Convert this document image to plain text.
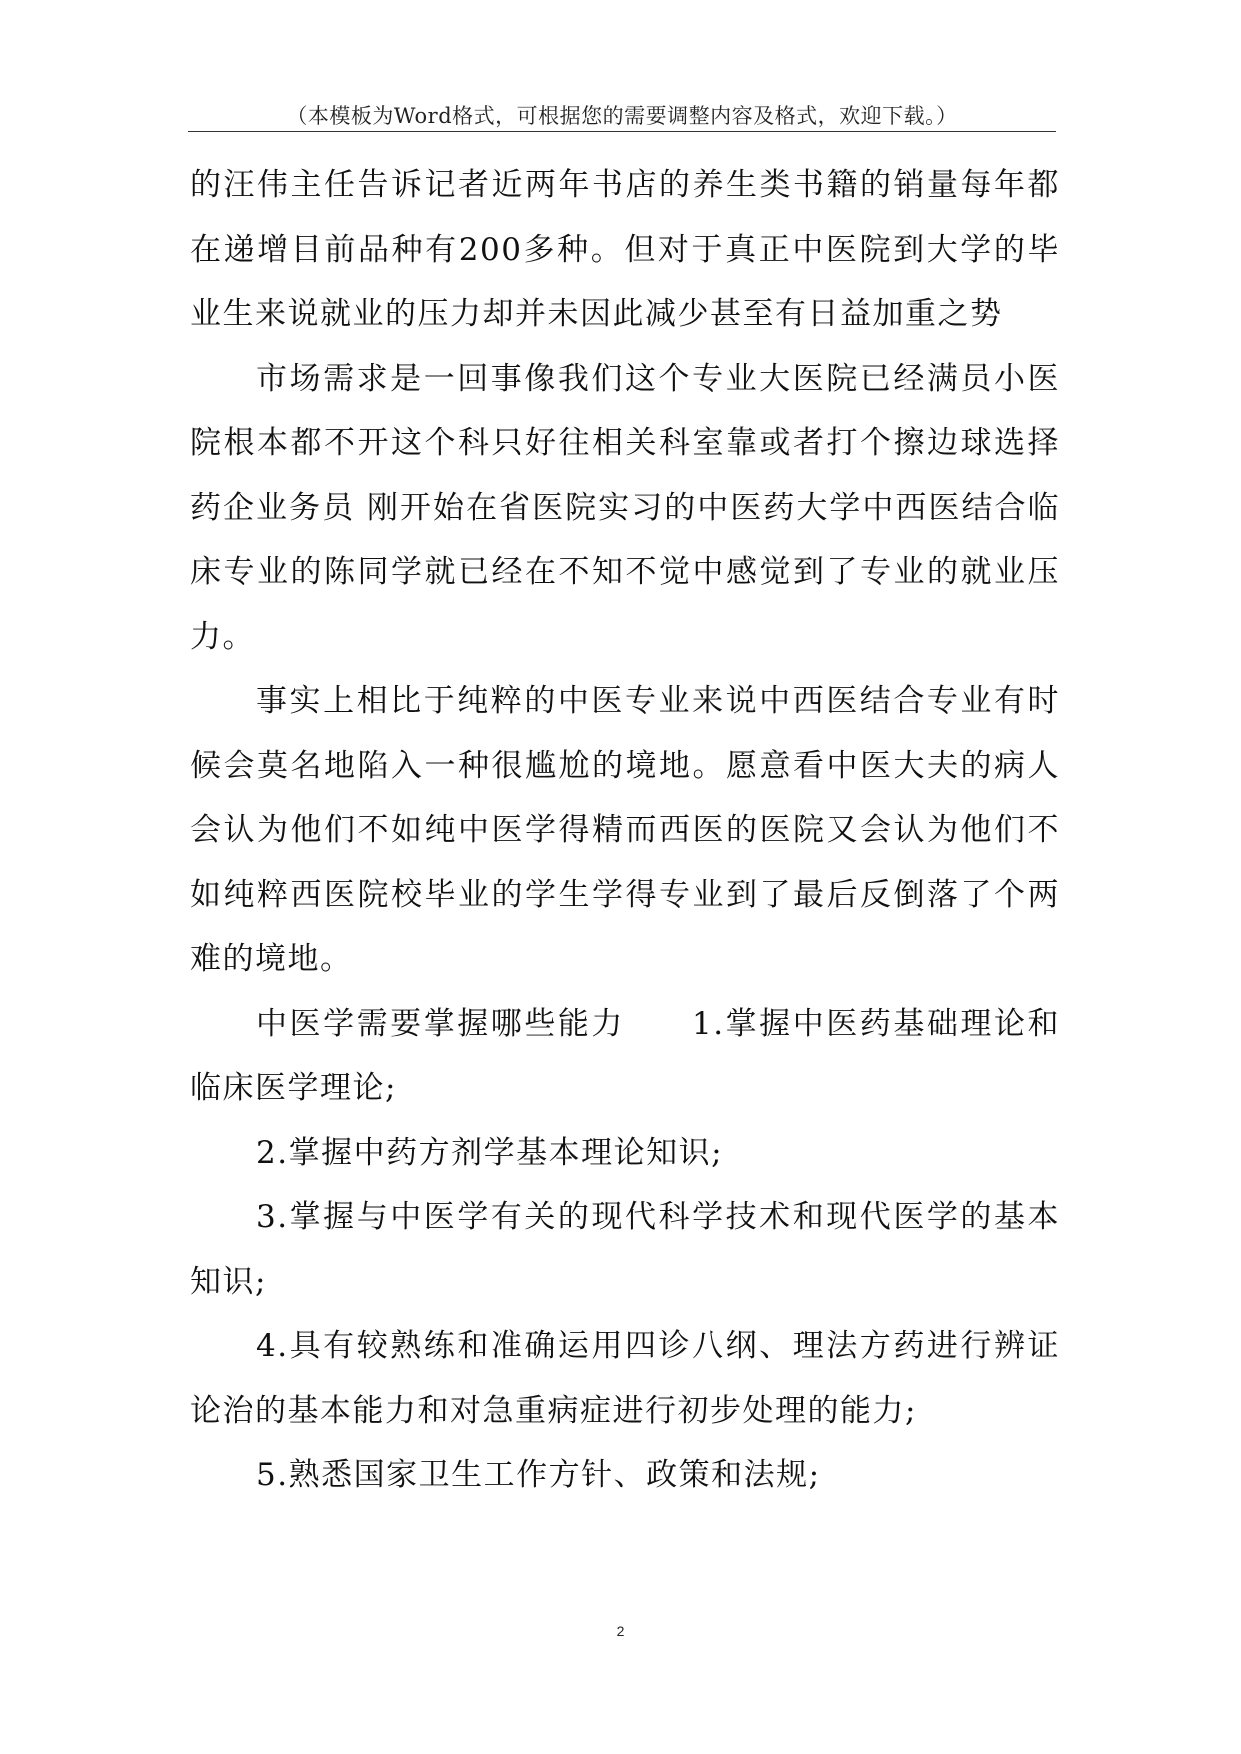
（本模板为Word格式，可根据您的需要调整内容及格式，欢迎下载。）

的汪伟主任告诉记者近两年书店的养生类书籍的销量每年都在递增目前品种有200多种。但对于真正中医院到大学的毕业生来说就业的压力却并未因此减少甚至有日益加重之势

市场需求是一回事像我们这个专业大医院已经满员小医院根本都不开这个科只好往相关科室靠或者打个擦边球选择药企业务员 刚开始在省医院实习的中医药大学中西医结合临床专业的陈同学就已经在不知不觉中感觉到了专业的就业压力。

事实上相比于纯粹的中医专业来说中西医结合专业有时候会莫名地陷入一种很尴尬的境地。愿意看中医大夫的病人会认为他们不如纯中医学得精而西医的医院又会认为他们不如纯粹西医院校毕业的学生学得专业到了最后反倒落了个两难的境地。

中医学需要掌握哪些能力　　1.掌握中医药基础理论和临床医学理论;

2.掌握中药方剂学基本理论知识;

3.掌握与中医学有关的现代科学技术和现代医学的基本知识;

4.具有较熟练和准确运用四诊八纲、理法方药进行辨证论治的基本能力和对急重病症进行初步处理的能力;

5.熟悉国家卫生工作方针、政策和法规;

2
